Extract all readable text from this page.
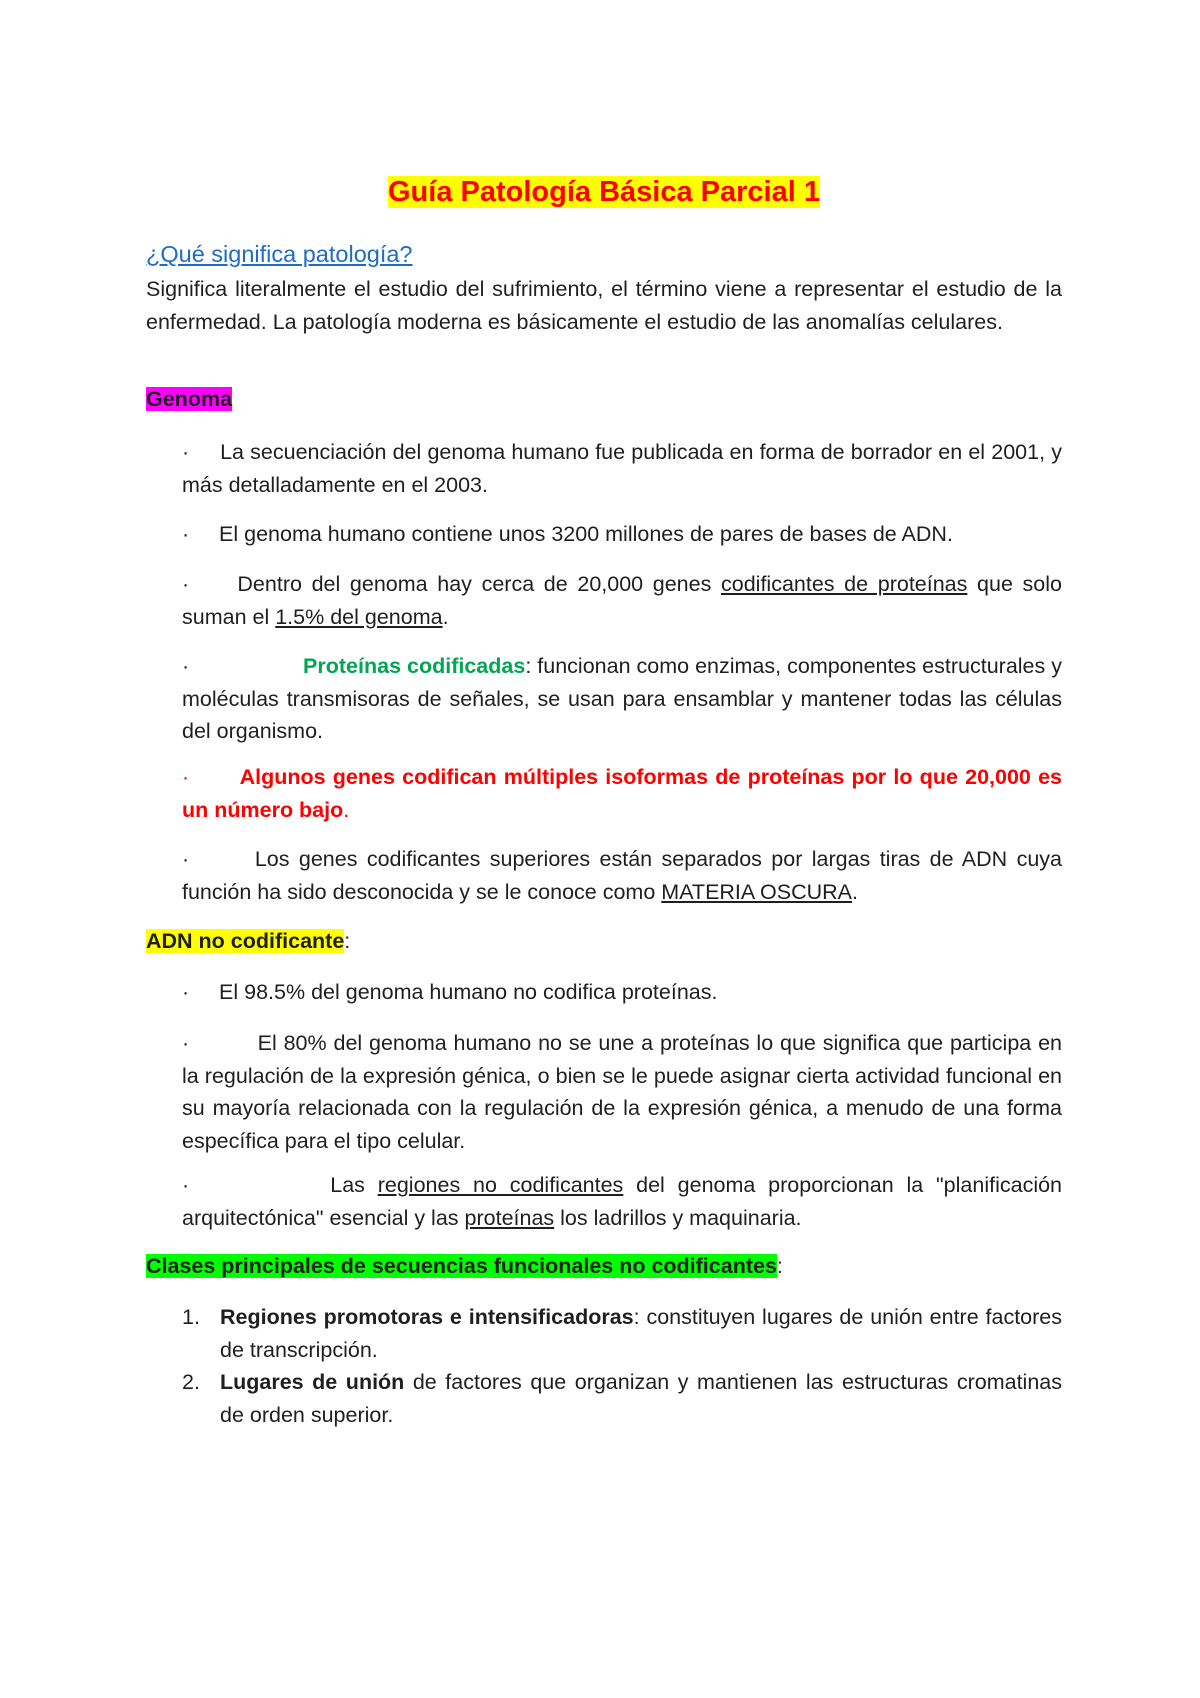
Guía Patología Básica Parcial 1
¿Qué significa patología?

Significa literalmente el estudio del sufrimiento, el término viene a representar el estudio de la enfermedad. La patología moderna es básicamente el estudio de las anomalías celulares.

Genoma

· La secuenciación del genoma humano fue publicada en forma de borrador en el 2001, y más detalladamente en el 2003.

· El genoma humano contiene unos 3200 millones de pares de bases de ADN.

· Dentro del genoma hay cerca de 20,000 genes codificantes de proteínas que solo suman el 1.5% del genoma.

·	Proteínas codificadas: funcionan como enzimas, componentes estructurales y moléculas transmisoras de señales, se usan para ensamblar y mantener todas las células del organismo.

· Algunos genes codifican múltiples isoformas de proteínas por lo que 20,000 es un número bajo.

·	Los genes codificantes superiores están separados por largas tiras de ADN cuya función ha sido desconocida y se le conoce como MATERIA OSCURA.

ADN no codificante:

· El 98.5% del genoma humano no codifica proteínas.

·	El 80% del genoma humano no se une a proteínas lo que significa que participa en la regulación de la expresión génica, o bien se le puede asignar cierta actividad funcional en su mayoría relacionada con la regulación de la expresión génica, a menudo de una forma específica para el tipo celular.

·	Las regiones no codificantes del genoma proporcionan la "planificación arquitectónica" esencial y las proteínas los ladrillos y maquinaria.

Clases principales de secuencias funcionales no codificantes:
1. Regiones promotoras e intensificadoras: constituyen lugares de unión entre factores de transcripción.
2. Lugares de unión de factores que organizan y mantienen las estructuras cromatinas de orden superior.
